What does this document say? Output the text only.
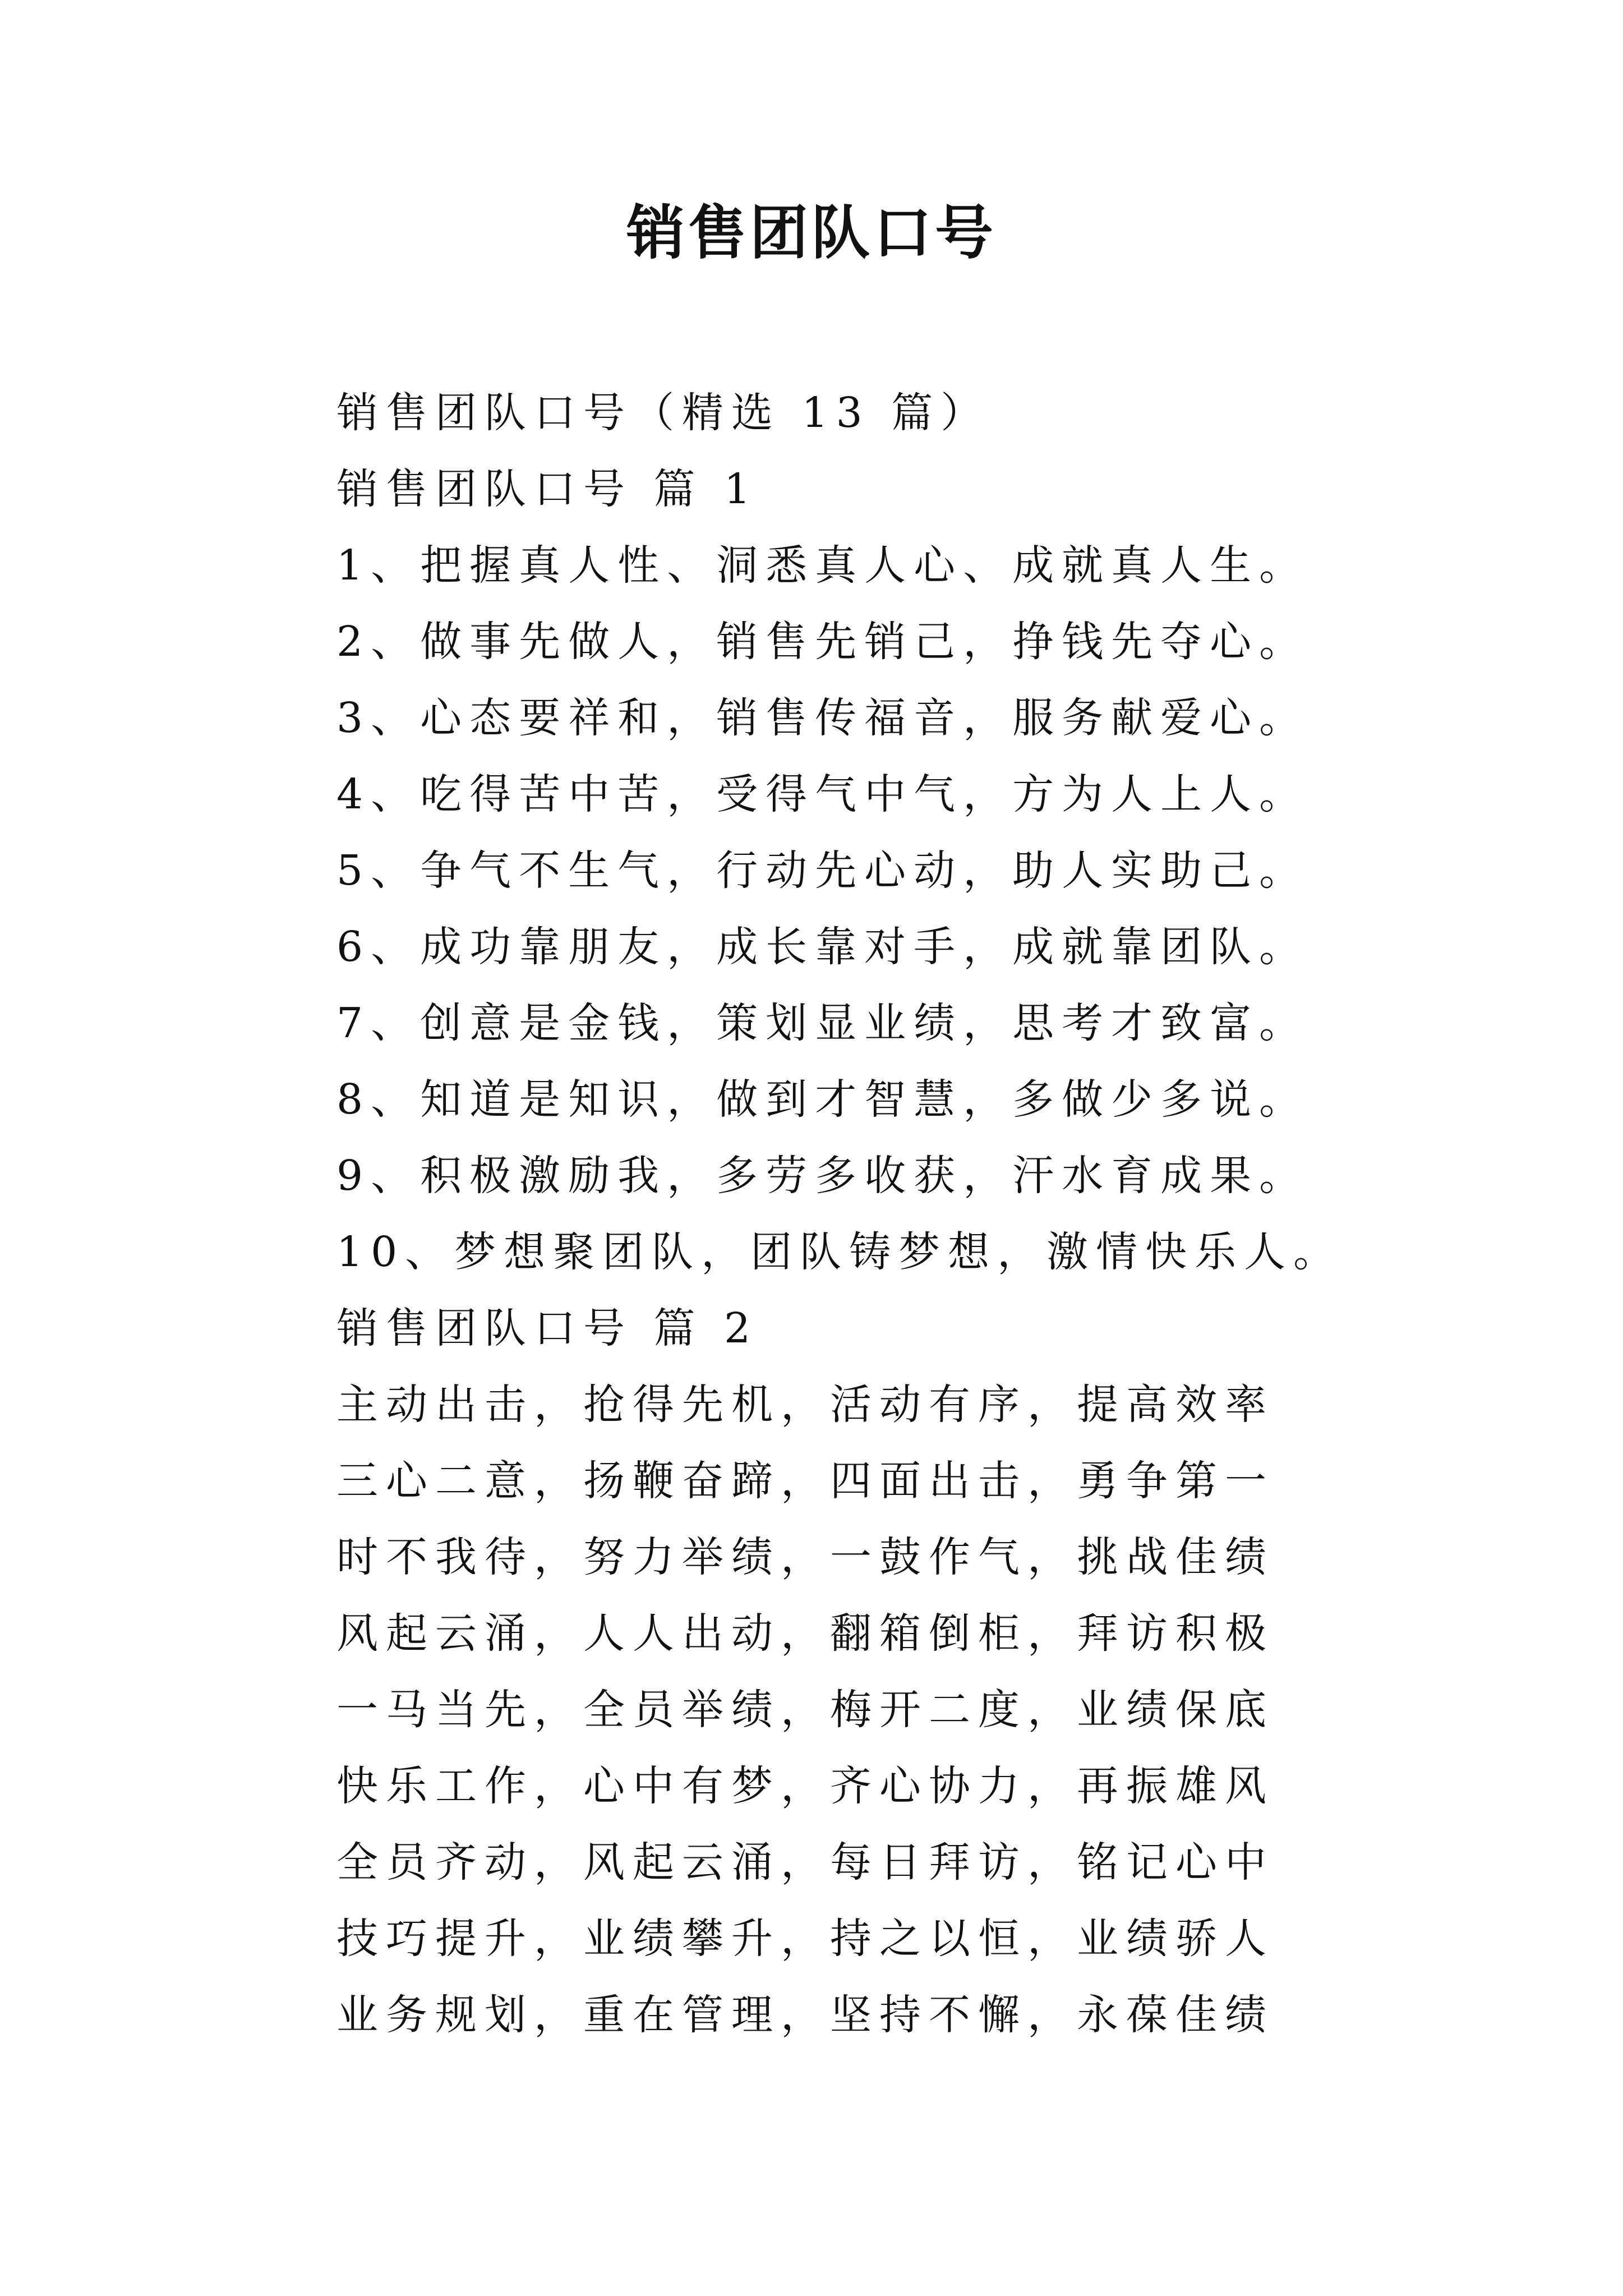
销售团队口号
销售团队口号（精选 13 篇）
销售团队口号 篇 1
1、把握真人性、洞悉真人心、成就真人生。
2、做事先做人，销售先销己，挣钱先夺心。
3、心态要祥和，销售传福音，服务献爱心。
4、吃得苦中苦，受得气中气，方为人上人。
5、争气不生气，行动先心动，助人实助己。
6、成功靠朋友，成长靠对手，成就靠团队。
7、创意是金钱，策划显业绩，思考才致富。
8、知道是知识，做到才智慧，多做少多说。
9、积极激励我，多劳多收获，汗水育成果。
10、梦想聚团队，团队铸梦想，激情快乐人。
销售团队口号 篇 2
主动出击，抢得先机，活动有序，提高效率
三心二意，扬鞭奋蹄，四面出击，勇争第一
时不我待，努力举绩，一鼓作气，挑战佳绩
风起云涌，人人出动，翻箱倒柜，拜访积极
一马当先，全员举绩，梅开二度，业绩保底
快乐工作，心中有梦，齐心协力，再振雄风
全员齐动，风起云涌，每日拜访，铭记心中
技巧提升，业绩攀升，持之以恒，业绩骄人
业务规划，重在管理，坚持不懈，永葆佳绩
